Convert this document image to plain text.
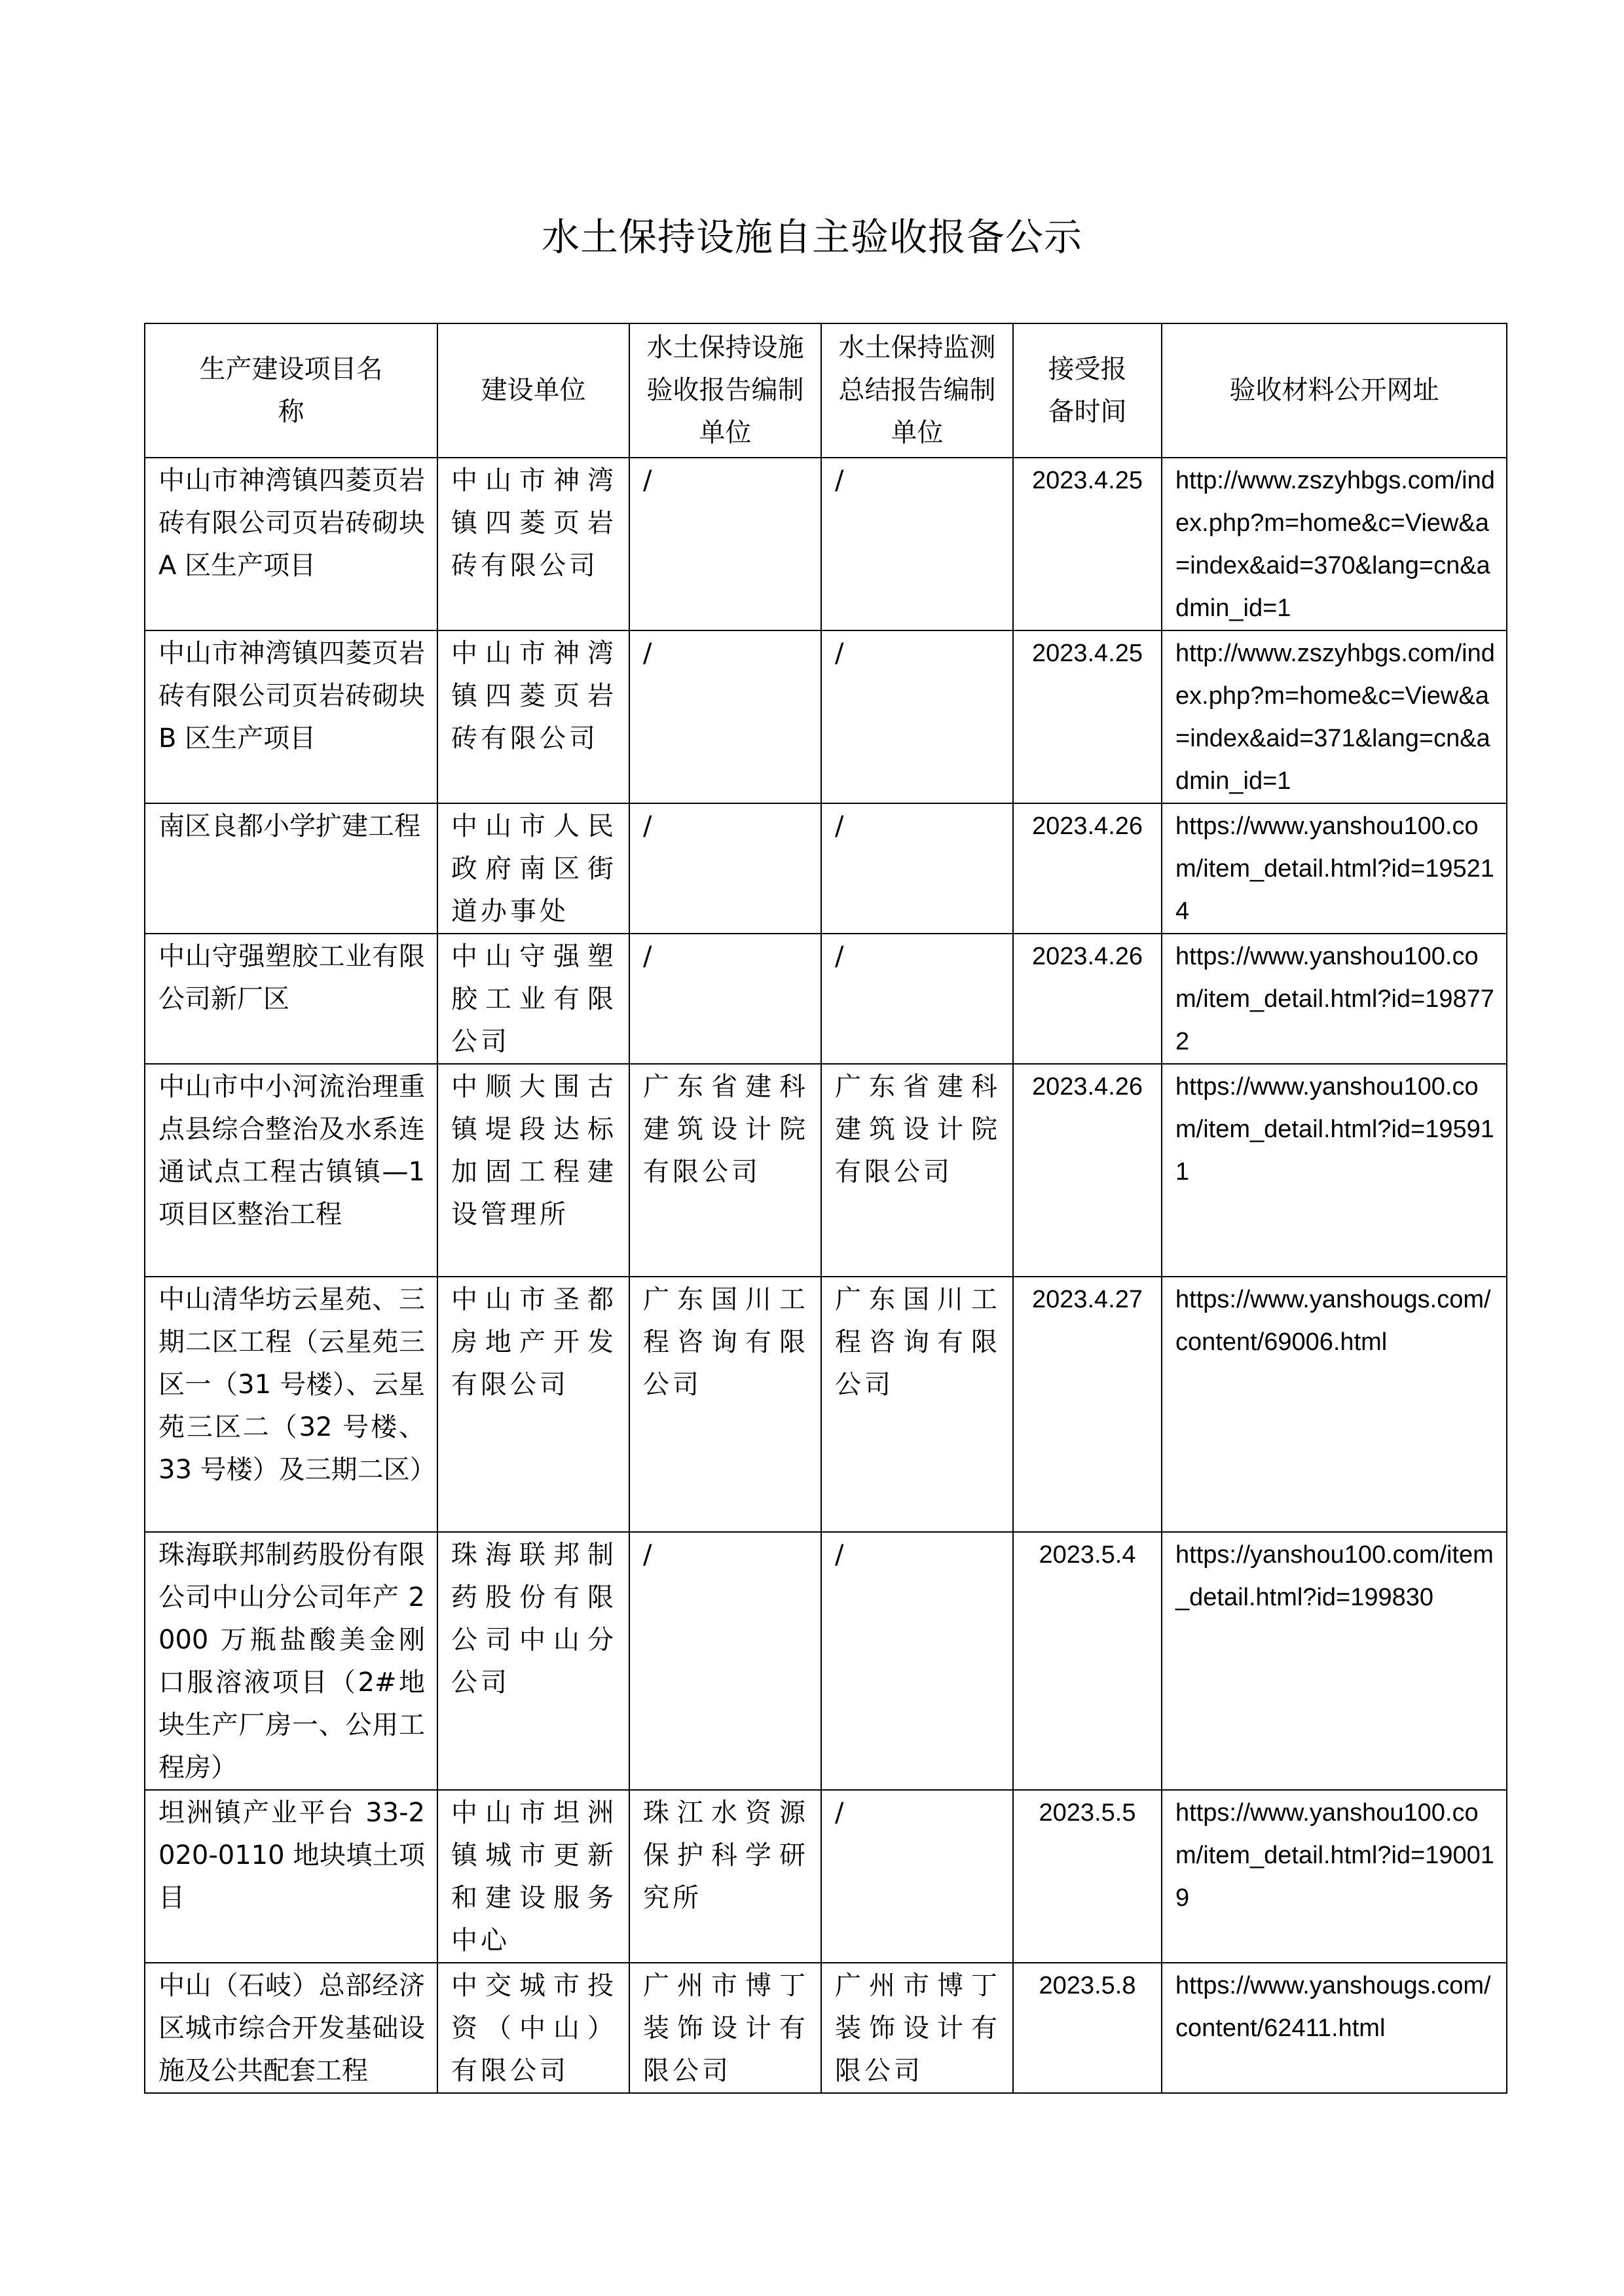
水土保持设施自主验收报备公示
生产建设项目名称	建设单位	水土保持设施验收报告编制单位	水土保持监测总结报告编制单位	接受报备时间	验收材料公开网址
中山市神湾镇四菱页岩砖有限公司页岩砖砌块 A 区生产项目	中山市神湾镇四菱页岩砖有限公司	/	/	2023.4.25	http://www.zszyhbgs.com/index.php?m=home&c=View&a=index&aid=370&lang=cn&admin_id=1
中山市神湾镇四菱页岩砖有限公司页岩砖砌块 B 区生产项目	中山市神湾镇四菱页岩砖有限公司	/	/	2023.4.25	http://www.zszyhbgs.com/index.php?m=home&c=View&a=index&aid=371&lang=cn&admin_id=1
南区良都小学扩建工程	中山市人民政府南区街道办事处	/	/	2023.4.26	https://www.yanshou100.com/item_detail.html?id=195214
中山守强塑胶工业有限公司新厂区	中山守强塑胶工业有限公司	/	/	2023.4.26	https://www.yanshou100.com/item_detail.html?id=198772
中山市中小河流治理重点县综合整治及水系连通试点工程古镇镇—1 项目区整治工程	中顺大围古镇堤段达标加固工程建设管理所	广东省建科建筑设计院有限公司	广东省建科建筑设计院有限公司	2023.4.26	https://www.yanshou100.com/item_detail.html?id=195911
中山清华坊云星苑、三期二区工程（云星苑三区一（31 号楼）、云星苑三区二（32 号楼、33 号楼）及三期二区）	中山市圣都房地产开发有限公司	广东国川工程咨询有限公司	广东国川工程咨询有限公司	2023.4.27	https://www.yanshougs.com/content/69006.html
珠海联邦制药股份有限公司中山分公司年产 2000 万瓶盐酸美金刚口服溶液项目（2#地块生产厂房一、公用工程房）	珠海联邦制药股份有限公司中山分公司	/	/	2023.5.4	https://yanshou100.com/item_detail.html?id=199830
坦洲镇产业平台 33-2020-0110 地块填土项目	中山市坦洲镇城市更新和建设服务中心	珠江水资源保护科学研究所	/	2023.5.5	https://www.yanshou100.com/item_detail.html?id=190019
中山（石岐）总部经济区城市综合开发基础设施及公共配套工程	中交城市投资（中山）有限公司	广州市博丁装饰设计有限公司	广州市博丁装饰设计有限公司	2023.5.8	https://www.yanshougs.com/content/62411.html
